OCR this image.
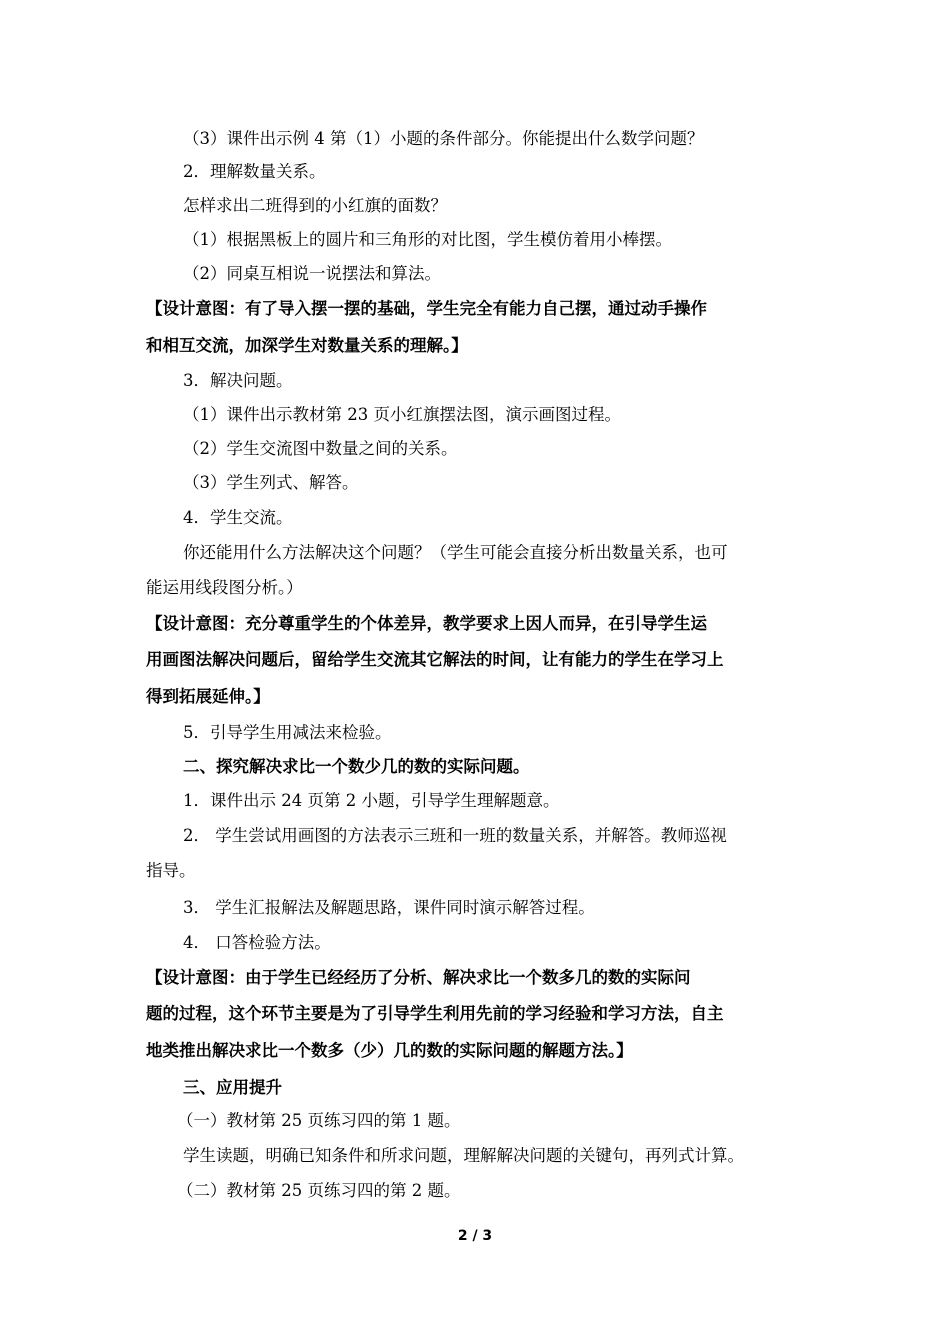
（3）课件出示例 4 第（1）小题的条件部分。你能提出什么数学问题？
2．理解数量关系。
怎样求出二班得到的小红旗的面数？
（1）根据黑板上的圆片和三角形的对比图，学生模仿着用小棒摆。
（2）同桌互相说一说摆法和算法。
【设计意图：有了导入摆一摆的基础，学生完全有能力自己摆，通过动手操作
和相互交流，加深学生对数量关系的理解。】
3．解决问题。
（1）课件出示教材第 23 页小红旗摆法图，演示画图过程。
（2）学生交流图中数量之间的关系。
（3）学生列式、解答。
4．学生交流。
你还能用什么方法解决这个问题？（学生可能会直接分析出数量关系，也可
能运用线段图分析。）
【设计意图：充分尊重学生的个体差异，教学要求上因人而异，在引导学生运
用画图法解决问题后，留给学生交流其它解法的时间，让有能力的学生在学习上
得到拓展延伸。】
5．引导学生用减法来检验。
二、探究解决求比一个数少几的数的实际问题。
1．课件出示 24 页第 2 小题，引导学生理解题意。
2． 学生尝试用画图的方法表示三班和一班的数量关系，并解答。教师巡视
指导。
3． 学生汇报解法及解题思路，课件同时演示解答过程。
4． 口答检验方法。
【设计意图：由于学生已经经历了分析、解决求比一个数多几的数的实际问
题的过程，这个环节主要是为了引导学生利用先前的学习经验和学习方法，自主
地类推出解决求比一个数多（少）几的数的实际问题的解题方法。】
三、应用提升
（一）教材第 25 页练习四的第 1 题。
学生读题，明确已知条件和所求问题，理解解决问题的关键句，再列式计算。
（二）教材第 25 页练习四的第 2 题。
2 / 3
